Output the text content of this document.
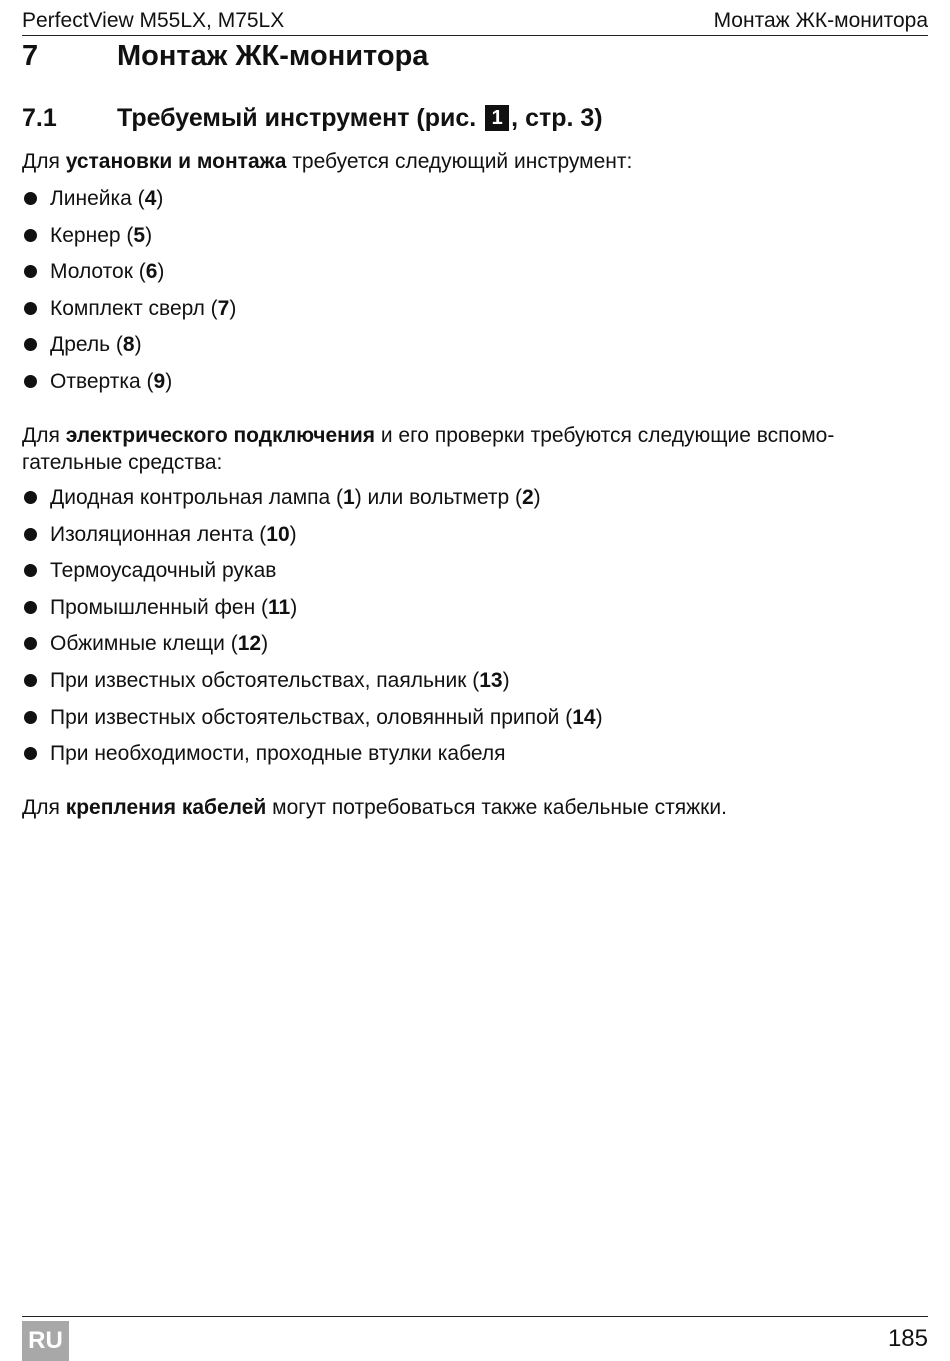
PerfectView M55LX, M75LX	Монтаж ЖК-монитора
7	Монтаж ЖК-монитора
7.1 Требуемый инструмент (рис. 1 , стр. 3)
Для установки и монтажа требуется следующий инструмент:
Линейка (4)
Кернер (5)
Молоток (6)
Комплект сверл (7)
Дрель (8)
Отвертка (9)
Для электрического подключения и его проверки требуются следующие вспомо-
гательные средства:
Диодная контрольная лампа (1) или вольтметр (2)
Изоляционная лента (10)
Термоусадочный рукав
Промышленный фен (11)
Обжимные клещи (12)
При известных обстоятельствах, паяльник (13)
При известных обстоятельствах, оловянный припой (14)
При необходимости, проходные втулки кабеля
Для крепления кабелей могут потребоваться также кабельные стяжки.
RU	185
